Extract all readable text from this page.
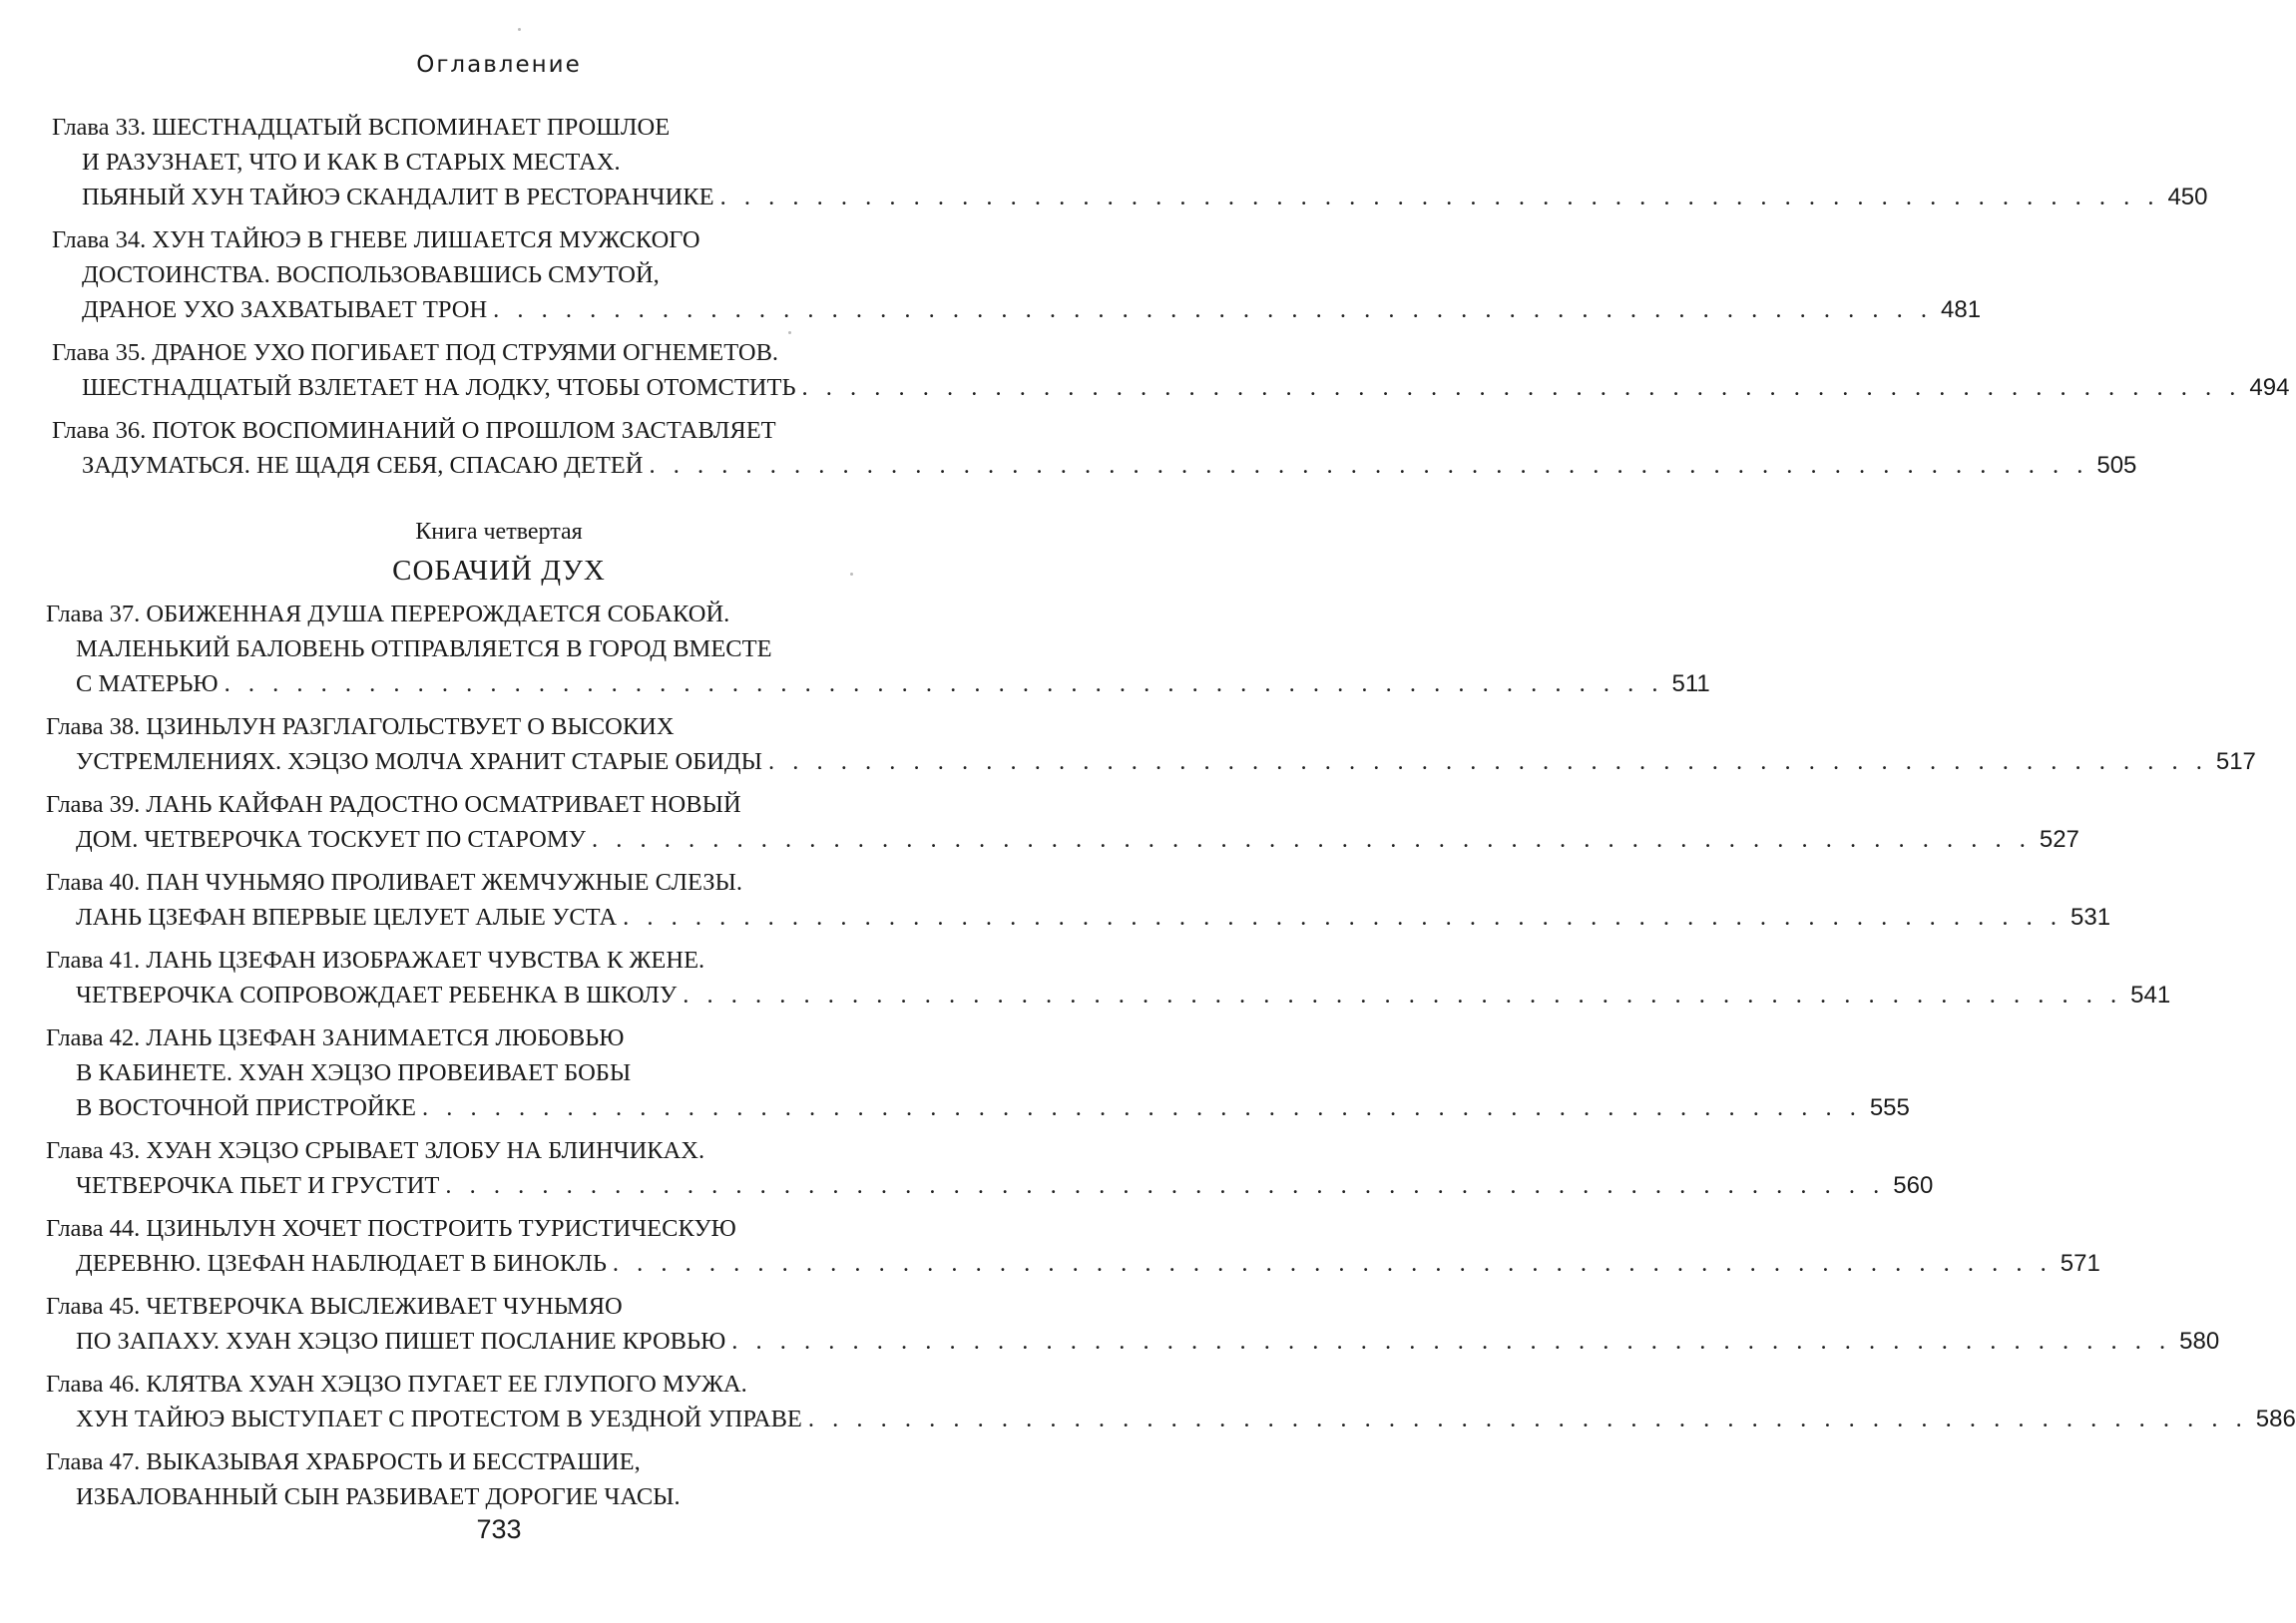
Оглавление
Глава 33. ШЕСТНАДЦАТЫЙ ВСПОМИНАЕТ ПРОШЛОЕ
И РАЗУЗНАЕТ, ЧТО И КАК В СТАРЫХ МЕСТАХ.
ПЬЯНЫЙ ХУН ТАЙЮЭ СКАНДАЛИТ В РЕСТОРАНЧИКЕ . . . . . . . . . . . . . . . . . . . . . . . . . . . . . . . . . . . . . . . . . . . . . . . . . . . . . . . . . . . . 450
Глава 34. ХУН ТАЙЮЭ В ГНЕВЕ ЛИШАЕТСЯ МУЖСКОГО
ДОСТОИНСТВА. ВОСПОЛЬЗОВАВШИСЬ СМУТОЙ,
ДРАНОЕ УХО ЗАХВАТЫВАЕТ ТРОН . . . . . . . . . . . . . . . . . . . . . . . . . . . . . . . . . . . . . . . . . . . . . . . . . . . . . . . . . . . . 481
Глава 35. ДРАНОЕ УХО ПОГИБАЕТ ПОД СТРУЯМИ ОГНЕМЕТОВ.
ШЕСТНАДЦАТЫЙ ВЗЛЕТАЕТ НА ЛОДКУ, ЧТОБЫ ОТОМСТИТЬ . . . . . . . . . . . . . . . . . . . . . . . . . . . . . . . . . . . . . . . . . . . . . . . . . . . . . . . . . . . . 494
Глава 36. ПОТОК ВОСПОМИНАНИЙ О ПРОШЛОМ ЗАСТАВЛЯЕТ
ЗАДУМАТЬСЯ. НЕ ЩАДЯ СЕБЯ, СПАСАЮ ДЕТЕЙ . . . . . . . . . . . . . . . . . . . . . . . . . . . . . . . . . . . . . . . . . . . . . . . . . . . . . . . . . . . . 505
Книга четвертая
СОБАЧИЙ ДУХ
Глава 37. ОБИЖЕННАЯ ДУША ПЕРЕРОЖДАЕТСЯ СОБАКОЙ.
МАЛЕНЬКИЙ БАЛОВЕНЬ ОТПРАВЛЯЕТСЯ В ГОРОД ВМЕСТЕ
С МАТЕРЬЮ . . . . . . . . . . . . . . . . . . . . . . . . . . . . . . . . . . . . . . . . . . . . . . . . . . . . . . . . . . . . 511
Глава 38. ЦЗИНЬЛУН РАЗГЛАГОЛЬСТВУЕТ О ВЫСОКИХ
УСТРЕМЛЕНИЯХ. ХЭЦЗО МОЛЧА ХРАНИТ СТАРЫЕ ОБИДЫ . . . . . . . . . . . . . . . . . . . . . . . . . . . . . . . . . . . . . . . . . . . . . . . . . . . . . . . . . . . . 517
Глава 39. ЛАНЬ КАЙФАН РАДОСТНО ОСМАТРИВАЕТ НОВЫЙ
ДОМ. ЧЕТВЕРОЧКА ТОСКУЕТ ПО СТАРОМУ . . . . . . . . . . . . . . . . . . . . . . . . . . . . . . . . . . . . . . . . . . . . . . . . . . . . . . . . . . . . 527
Глава 40. ПАН ЧУНЬМЯО ПРОЛИВАЕТ ЖЕМЧУЖНЫЕ СЛЕЗЫ.
ЛАНЬ ЦЗЕФАН ВПЕРВЫЕ ЦЕЛУЕТ АЛЫЕ УСТА . . . . . . . . . . . . . . . . . . . . . . . . . . . . . . . . . . . . . . . . . . . . . . . . . . . . . . . . . . . . 531
Глава 41. ЛАНЬ ЦЗЕФАН ИЗОБРАЖАЕТ ЧУВСТВА К ЖЕНЕ.
ЧЕТВЕРОЧКА СОПРОВОЖДАЕТ РЕБЕНКА В ШКОЛУ . . . . . . . . . . . . . . . . . . . . . . . . . . . . . . . . . . . . . . . . . . . . . . . . . . . . . . . . . . . . 541
Глава 42. ЛАНЬ ЦЗЕФАН ЗАНИМАЕТСЯ ЛЮБОВЬЮ
В КАБИНЕТЕ. ХУАН ХЭЦЗО ПРОВЕИВАЕТ БОБЫ
В ВОСТОЧНОЙ ПРИСТРОЙКЕ . . . . . . . . . . . . . . . . . . . . . . . . . . . . . . . . . . . . . . . . . . . . . . . . . . . . . . . . . . . . 555
Глава 43. ХУАН ХЭЦЗО СРЫВАЕТ ЗЛОБУ НА БЛИНЧИКАХ.
ЧЕТВЕРОЧКА ПЬЕТ И ГРУСТИТ . . . . . . . . . . . . . . . . . . . . . . . . . . . . . . . . . . . . . . . . . . . . . . . . . . . . . . . . . . . . 560
Глава 44. ЦЗИНЬЛУН ХОЧЕТ ПОСТРОИТЬ ТУРИСТИЧЕСКУЮ
ДЕРЕВНЮ. ЦЗЕФАН НАБЛЮДАЕТ В БИНОКЛЬ . . . . . . . . . . . . . . . . . . . . . . . . . . . . . . . . . . . . . . . . . . . . . . . . . . . . . . . . . . . . 571
Глава 45. ЧЕТВЕРОЧКА ВЫСЛЕЖИВАЕТ ЧУНЬМЯО
ПО ЗАПАХУ. ХУАН ХЭЦЗО ПИШЕТ ПОСЛАНИЕ КРОВЬЮ . . . . . . . . . . . . . . . . . . . . . . . . . . . . . . . . . . . . . . . . . . . . . . . . . . . . . . . . . . . . 580
Глава 46. КЛЯТВА ХУАН ХЭЦЗО ПУГАЕТ ЕЕ ГЛУПОГО МУЖА.
ХУН ТАЙЮЭ ВЫСТУПАЕТ С ПРОТЕСТОМ В УЕЗДНОЙ УПРАВЕ . . . . . . . . . . . . . . . . . . . . . . . . . . . . . . . . . . . . . . . . . . . . . . . . . . . . . . . . . . . . 586
Глава 47. ВЫКАЗЫВАЯ ХРАБРОСТЬ И БЕССТРАШИЕ,
ИЗБАЛОВАННЫЙ СЫН РАЗБИВАЕТ ДОРОГИЕ ЧАСЫ.
733
